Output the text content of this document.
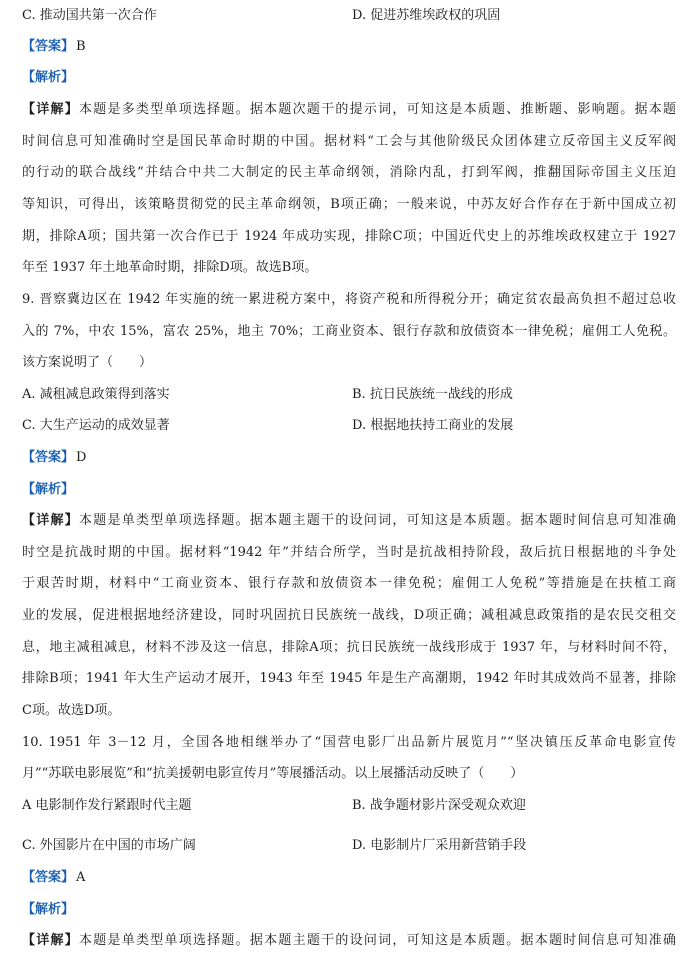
C. 推动国共第一次合作	D. 促进苏维埃政权的巩固
【答案】 B
【解析】
【详解】本题是多类型单项选择题。据本题次题干的提示词，可知这是本质题、推断题、影响题。据本题
时间信息可知准确时空是国民革命时期的中国。据材料“工会与其他阶级民众团体建立反帝国主义反军阀
的行动的联合战线”并结合中共二大制定的民主革命纲领，消除内乱，打到军阀，推翻国际帝国主义压迫
等知识，可得出，该策略贯彻党的民主革命纲领，B项正确；一般来说，中苏友好合作存在于新中国成立初
期，排除A项；国共第一次合作已于 1924 年成功实现，排除C项；中国近代史上的苏维埃政权建立于 1927
年至 1937 年土地革命时期，排除D项。故选B项。
9. 晋察冀边区在 1942 年实施的统一累进税方案中，将资产税和所得税分开；确定贫农最高负担不超过总收
入的 7%，中农 15%，富农 25%，地主 70%；工商业资本、银行存款和放债资本一律免税；雇佣工人免税。
该方案说明了（　　）
A. 减租减息政策得到落实	B. 抗日民族统一战线的形成
C. 大生产运动的成效显著	D. 根据地扶持工商业的发展
【答案】 D
【解析】
【详解】本题是单类型单项选择题。据本题主题干的设问词，可知这是本质题。据本题时间信息可知准确
时空是抗战时期的中国。据材料“1942 年”并结合所学，当时是抗战相持阶段，敌后抗日根据地的斗争处
于艰苦时期，材料中“工商业资本、银行存款和放债资本一律免税；雇佣工人免税”等措施是在扶植工商
业的发展，促进根据地经济建设，同时巩固抗日民族统一战线，D项正确；减租减息政策指的是农民交租交
息，地主减租减息，材料不涉及这一信息，排除A项；抗日民族统一战线形成于 1937 年，与材料时间不符，
排除B项；1941 年大生产运动才展开，1943 年至 1945 年是生产高潮期，1942 年时其成效尚不显著，排除
C项。故选D项。
10. 1951 年 3－12 月，全国各地相继举办了“国营电影厂出品新片展览月”“坚决镇压反革命电影宣传
月”“苏联电影展览”和“抗美援朝电影宣传月”等展播活动。以上展播活动反映了（　　）
A 电影制作发行紧跟时代主题	B. 战争题材影片深受观众欢迎
C. 外国影片在中国的市场广阔	D. 电影制片厂采用新营销手段
【答案】 A
【解析】
【详解】本题是单类型单项选择题。据本题主题干的设问词，可知这是本质题。据本题时间信息可知准确
